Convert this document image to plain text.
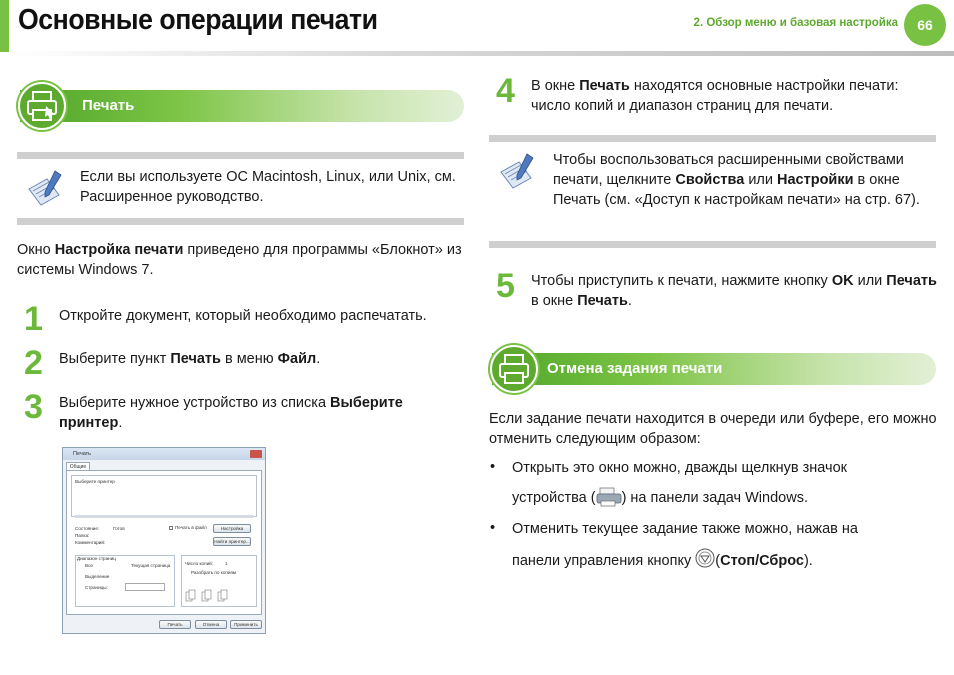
Основные операции печати	2. Обзор меню и базовая настройка	66
Печать
Если вы используете ОС Macintosh, Linux, или Unix, см. Расширенное руководство.
Окно Настройка печати приведено для программы «Блокнот» из системы Windows 7.
1 Откройте документ, который необходимо распечатать.
2 Выберите пункт Печать в меню Файл.
3 Выберите нужное устройство из списка Выберите принтер.
Печать
Общие
Выберите принтер
Состояние:	Готов
Папка:
Комментарий:
Печать в файл	Настройка
Найти принтер...
Диапазон страниц
Все
Выделение
Текущая страница
Страницы:
Число копий:	1
Разобрать по копиям
Печать	Отмена	Применить
4 В окне Печать находятся основные настройки печати: число копий и диапазон страниц для печати.
Чтобы воспользоваться расширенными свойствами печати, щелкните Свойства или Настройки в окне Печать (см. «Доступ к настройкам печати» на стр. 67).
5 Чтобы приступить к печати, нажмите кнопку OK или Печать в окне Печать.
Отмена задания печати
Если задание печати находится в очереди или буфере, его можно отменить следующим образом:
• Открыть это окно можно, дважды щелкнув значок
устройства ( ) на панели задач Windows.
• Отменить текущее задание также можно, нажав на
панели управления кнопку (Стоп/Сброс).
